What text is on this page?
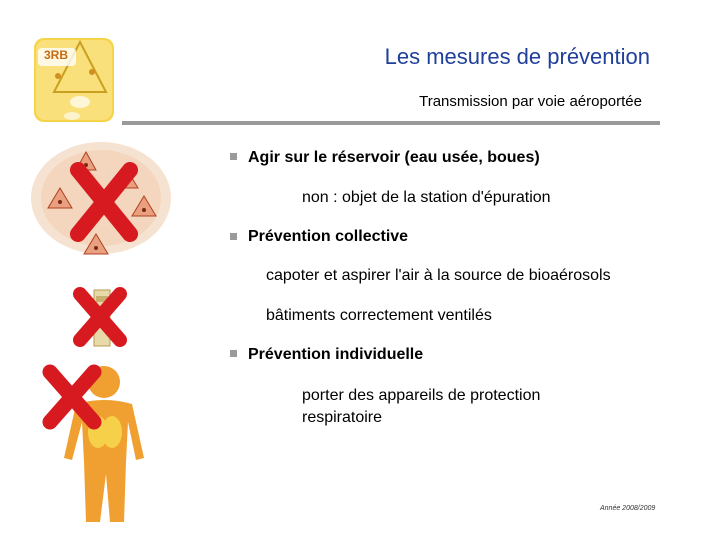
3RB	Les mesures de prévention
Transmission par voie aéroportée
Agir sur le réservoir (eau usée, boues)
non : objet de la station d'épuration
Prévention collective
capoter et aspirer l'air à la source de bioaérosols
bâtiments correctement ventilés
Prévention individuelle
porter des appareils de protection
respiratoire
Année 2008/2009
